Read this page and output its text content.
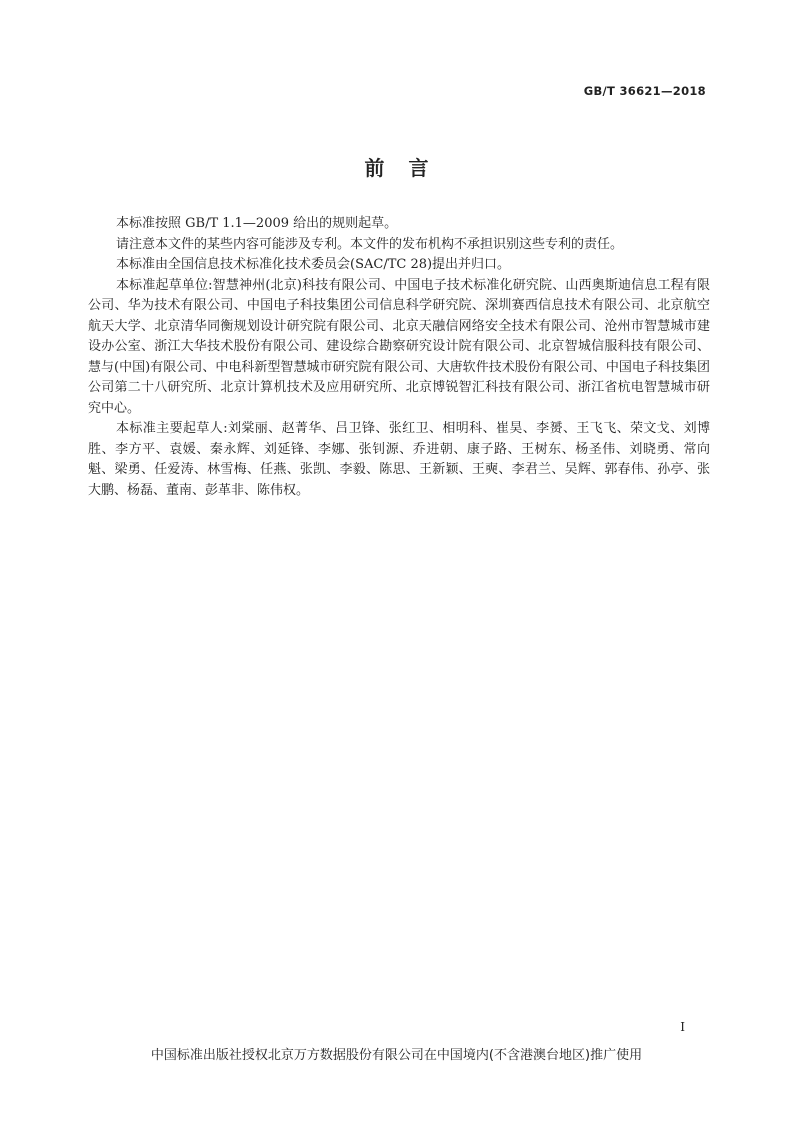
GB/T 36621—2018
前言

本标准按照 GB/T 1.1—2009 给出的规则起草。

请注意本文件的某些内容可能涉及专利。本文件的发布机构不承担识别这些专利的责任。

本标准由全国信息技术标准化技术委员会(SAC/TC 28)提出并归口。

本标准起草单位:智慧神州(北京)科技有限公司、中国电子技术标准化研究院、山西奥斯迪信息工程有限公司、华为技术有限公司、中国电子科技集团公司信息科学研究院、深圳赛西信息技术有限公司、北京航空航天大学、北京清华同衡规划设计研究院有限公司、北京天融信网络安全技术有限公司、沧州市智慧城市建设办公室、浙江大华技术股份有限公司、建设综合勘察研究设计院有限公司、北京智城信服科技有限公司、慧与(中国)有限公司、中电科新型智慧城市研究院有限公司、大唐软件技术股份有限公司、中国电子科技集团公司第二十八研究所、北京计算机技术及应用研究所、北京博锐智汇科技有限公司、浙江省杭电智慧城市研究中心。

本标准主要起草人:刘棠丽、赵菁华、吕卫锋、张红卫、相明科、崔昊、李赟、王飞飞、荣文戈、刘博胜、李方平、袁媛、秦永辉、刘延锋、李娜、张钊源、乔进朝、康子路、王树东、杨圣伟、刘晓勇、常向魁、梁勇、任爱涛、林雪梅、任燕、张凯、李毅、陈思、王新颖、王奭、李君兰、吴辉、郭春伟、孙亭、张大鹏、杨磊、董南、彭革非、陈伟权。

I
中国标准出版社授权北京万方数据股份有限公司在中国境内(不含港澳台地区)推广使用
